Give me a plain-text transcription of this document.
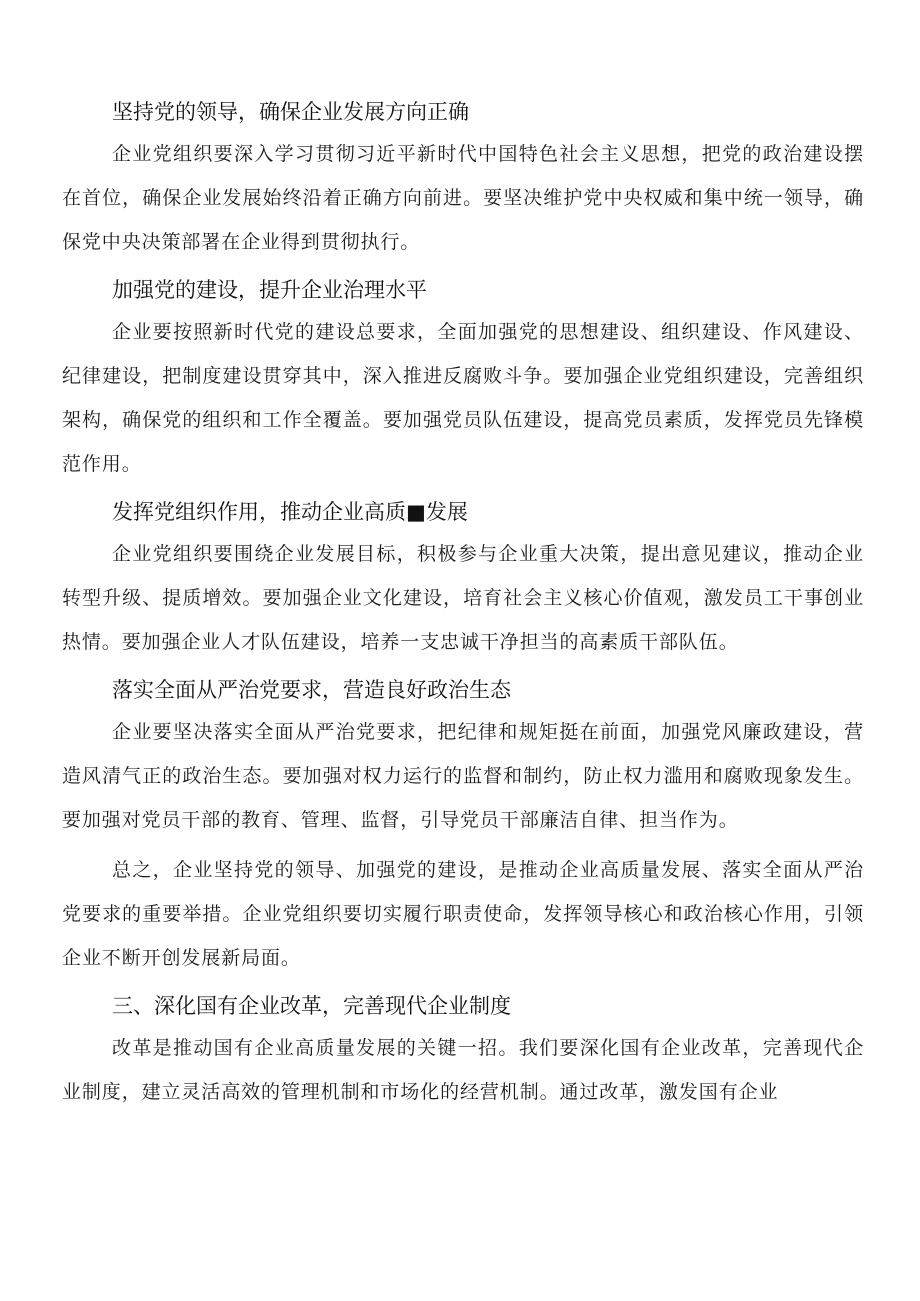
坚持党的领导，确保企业发展方向正确

企业党组织要深入学习贯彻习近平新时代中国特色社会主义思想，把党的政治建设摆在首位，确保企业发展始终沿着正确方向前进。要坚决维护党中央权威和集中统一领导，确保党中央决策部署在企业得到贯彻执行。

加强党的建设，提升企业治理水平

企业要按照新时代党的建设总要求，全面加强党的思想建设、组织建设、作风建设、纪律建设，把制度建设贯穿其中，深入推进反腐败斗争。要加强企业党组织建设，完善组织架构，确保党的组织和工作全覆盖。要加强党员队伍建设，提高党员素质，发挥党员先锋模范作用。

发挥党组织作用，推动企业高质■发展

企业党组织要围绕企业发展目标，积极参与企业重大决策，提出意见建议，推动企业转型升级、提质增效。要加强企业文化建设，培育社会主义核心价值观，激发员工干事创业热情。要加强企业人才队伍建设，培养一支忠诚干净担当的高素质干部队伍。

落实全面从严治党要求，营造良好政治生态

企业要坚决落实全面从严治党要求，把纪律和规矩挺在前面，加强党风廉政建设，营造风清气正的政治生态。要加强对权力运行的监督和制约，防止权力滥用和腐败现象发生。要加强对党员干部的教育、管理、监督，引导党员干部廉洁自律、担当作为。

总之，企业坚持党的领导、加强党的建设，是推动企业高质量发展、落实全面从严治党要求的重要举措。企业党组织要切实履行职责使命，发挥领导核心和政治核心作用，引领企业不断开创发展新局面。

三、深化国有企业改革，完善现代企业制度

改革是推动国有企业高质量发展的关键一招。我们要深化国有企业改革，完善现代企业制度，建立灵活高效的管理机制和市场化的经营机制。通过改革，激发国有企业
